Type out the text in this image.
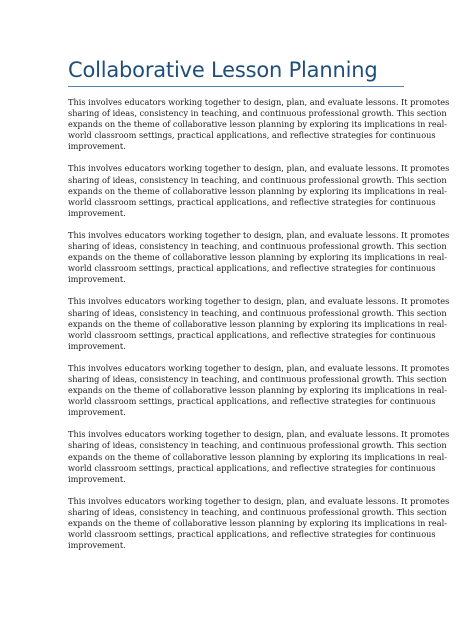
Collaborative Lesson Planning

This involves educators working together to design, plan, and evaluate lessons. It promotes
sharing of ideas, consistency in teaching, and continuous professional growth. This section
expands on the theme of collaborative lesson planning by exploring its implications in real-
world classroom settings, practical applications, and reflective strategies for continuous
improvement.

This involves educators working together to design, plan, and evaluate lessons. It promotes
sharing of ideas, consistency in teaching, and continuous professional growth. This section
expands on the theme of collaborative lesson planning by exploring its implications in real-
world classroom settings, practical applications, and reflective strategies for continuous
improvement.

This involves educators working together to design, plan, and evaluate lessons. It promotes
sharing of ideas, consistency in teaching, and continuous professional growth. This section
expands on the theme of collaborative lesson planning by exploring its implications in real-
world classroom settings, practical applications, and reflective strategies for continuous
improvement.

This involves educators working together to design, plan, and evaluate lessons. It promotes
sharing of ideas, consistency in teaching, and continuous professional growth. This section
expands on the theme of collaborative lesson planning by exploring its implications in real-
world classroom settings, practical applications, and reflective strategies for continuous
improvement.

This involves educators working together to design, plan, and evaluate lessons. It promotes
sharing of ideas, consistency in teaching, and continuous professional growth. This section
expands on the theme of collaborative lesson planning by exploring its implications in real-
world classroom settings, practical applications, and reflective strategies for continuous
improvement.

This involves educators working together to design, plan, and evaluate lessons. It promotes
sharing of ideas, consistency in teaching, and continuous professional growth. This section
expands on the theme of collaborative lesson planning by exploring its implications in real-
world classroom settings, practical applications, and reflective strategies for continuous
improvement.

This involves educators working together to design, plan, and evaluate lessons. It promotes
sharing of ideas, consistency in teaching, and continuous professional growth. This section
expands on the theme of collaborative lesson planning by exploring its implications in real-
world classroom settings, practical applications, and reflective strategies for continuous
improvement.
